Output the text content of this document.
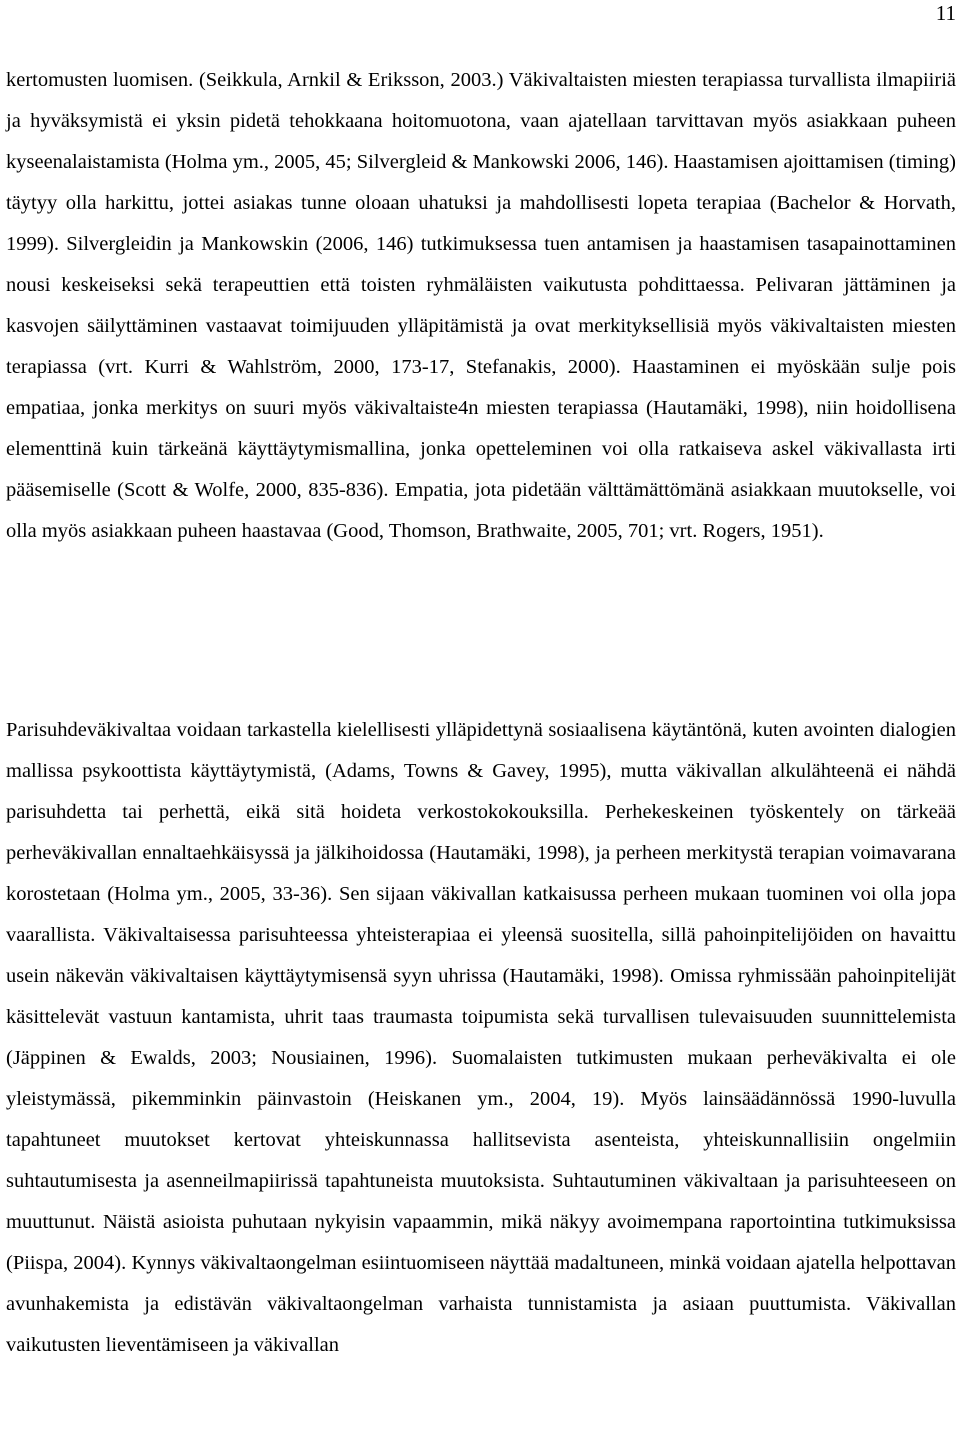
11

kertomusten luomisen. (Seikkula, Arnkil & Eriksson, 2003.) Väkivaltaisten miesten terapiassa turvallista ilmapiiriä ja hyväksymistä ei yksin pidetä tehokkaana hoitomuotona, vaan ajatellaan tarvittavan myös asiakkaan puheen kyseenalaistamista (Holma ym., 2005, 45; Silvergleid & Mankowski 2006, 146). Haastamisen ajoittamisen (timing) täytyy olla harkittu, jottei asiakas tunne oloaan uhatuksi ja mahdollisesti lopeta terapiaa (Bachelor & Horvath, 1999). Silvergleidin ja Mankowskin (2006, 146) tutkimuksessa tuen antamisen ja haastamisen tasapainottaminen nousi keskeiseksi sekä terapeuttien että toisten ryhmäläisten vaikutusta pohdittaessa. Pelivaran jättäminen ja kasvojen säilyttäminen vastaavat toimijuuden ylläpitämistä ja ovat merkityksellisiä myös väkivaltaisten miesten terapiassa (vrt. Kurri & Wahlström, 2000, 173-17, Stefanakis, 2000). Haastaminen ei myöskään sulje pois empatiaa, jonka merkitys on suuri myös väkivaltaiste4n miesten terapiassa (Hautamäki, 1998), niin hoidollisena elementtinä kuin tärkeänä käyttäytymismallina, jonka opetteleminen voi olla ratkaiseva askel väkivallasta irti pääsemiselle (Scott & Wolfe, 2000, 835-836). Empatia, jota pidetään välttämättömänä asiakkaan muutokselle, voi olla myös asiakkaan puheen haastavaa (Good, Thomson, Brathwaite, 2005, 701; vrt. Rogers, 1951).

Parisuhdeväkivaltaa voidaan tarkastella kielellisesti ylläpidettynä sosiaalisena käytäntönä, kuten avointen dialogien mallissa psykoottista käyttäytymistä, (Adams, Towns & Gavey, 1995), mutta väkivallan alkulähteenä ei nähdä parisuhdetta tai perhettä, eikä sitä hoideta verkostokokouksilla. Perhekeskeinen työskentely on tärkeää perheväkivallan ennaltaehkäisyssä ja jälkihoidossa (Hautamäki, 1998), ja perheen merkitystä terapian voimavarana korostetaan (Holma ym., 2005, 33-36). Sen sijaan väkivallan katkaisussa perheen mukaan tuominen voi olla jopa vaarallista. Väkivaltaisessa parisuhteessa yhteisterapiaa ei yleensä suositella, sillä pahoinpitelijöiden on havaittu usein näkevän väkivaltaisen käyttäytymisensä syyn uhrissa (Hautamäki, 1998). Omissa ryhmissään pahoinpitelijät käsittelevät vastuun kantamista, uhrit taas traumasta toipumista sekä turvallisen tulevaisuuden suunnittelemista (Jäppinen & Ewalds, 2003; Nousiainen, 1996). Suomalaisten tutkimusten mukaan perheväkivalta ei ole yleistymässä, pikemminkin päinvastoin (Heiskanen ym., 2004, 19). Myös lainsäädännössä 1990-luvulla tapahtuneet muutokset kertovat yhteiskunnassa hallitsevista asenteista, yhteiskunnallisiin ongelmiin suhtautumisesta ja asenneilmapiirissä tapahtuneista muutoksista. Suhtautuminen väkivaltaan ja parisuhteeseen on muuttunut. Näistä asioista puhutaan nykyisin vapaammin, mikä näkyy avoimempana raportointina tutkimuksissa (Piispa, 2004). Kynnys väkivaltaongelman esiintuomiseen näyttää madaltuneen, minkä voidaan ajatella helpottavan avunhakemista ja edistävän väkivaltaongelman varhaista tunnistamista ja asiaan puuttumista. Väkivallan vaikutusten lieventämiseen ja väkivallan
